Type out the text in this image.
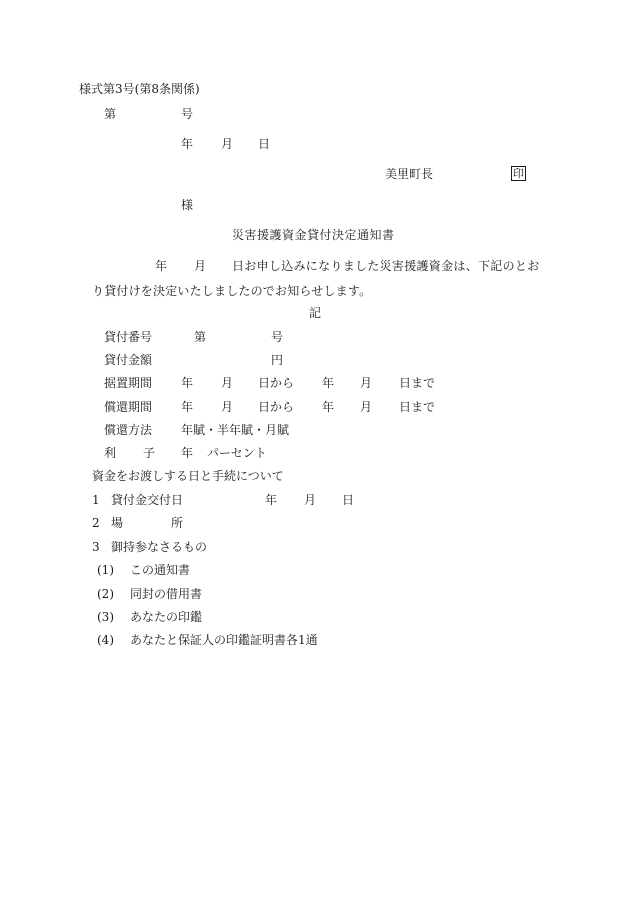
様式第3号(第8条関係)
第	号
年 月 日
美里町長	印
様
災害援護資金貸付決定通知書
年 月 日お申し込みになりました災害援護資金は、下記のとお
り貸付けを決定いたしましたのでお知らせします。
記
貸付番号	第	号
貸付金額	円
据置期間 年 月 日から 年 月 日まで
償還期間 年 月 日から 年 月 日まで
償還方法 年賦・半年賦・月賦
利 子 年 パーセント
資金をお渡しする日と手続について
1 貸付金交付日	年 月 日
2 場	所
3 御持参なさるもの
(1) この通知書
(2) 同封の借用書
(3) あなたの印鑑
(4) あなたと保証人の印鑑証明書各1通
